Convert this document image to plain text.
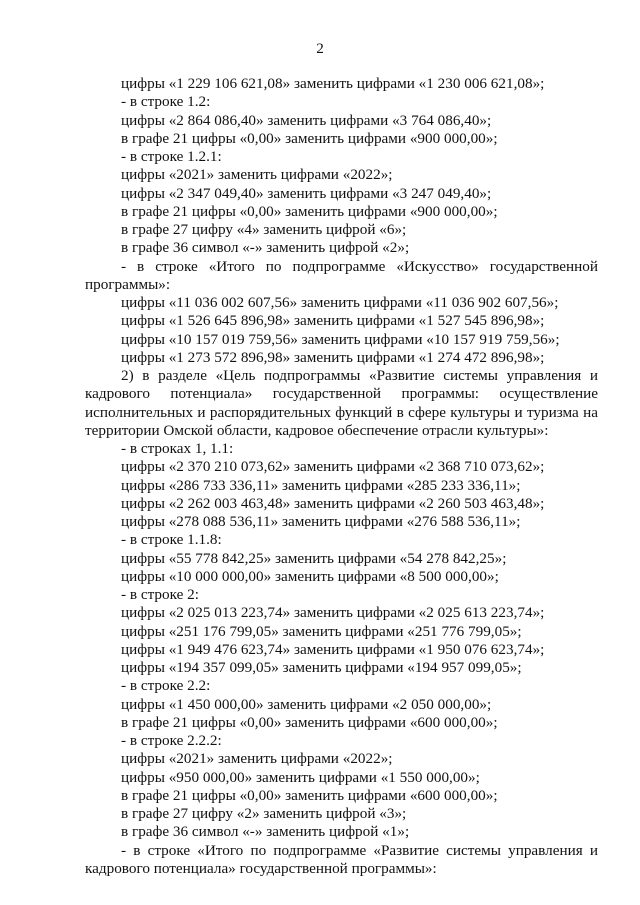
2

цифры «1 229 106 621,08» заменить цифрами «1 230 006 621,08»;

- в строке 1.2:

цифры «2 864 086,40» заменить цифрами «3 764 086,40»;

в графе 21 цифры «0,00» заменить цифрами «900 000,00»;

- в строке 1.2.1:

цифры «2021» заменить цифрами «2022»;

цифры «2 347 049,40» заменить цифрами «3 247 049,40»;

в графе 21 цифры «0,00» заменить цифрами «900 000,00»;

в графе 27 цифру «4» заменить цифрой «6»;

в графе 36 символ «-» заменить цифрой «2»;

- в строке «Итого по подпрограмме «Искусство» государственной программы»:

цифры «11 036 002 607,56» заменить цифрами «11 036 902 607,56»;

цифры «1 526 645 896,98» заменить цифрами «1 527 545 896,98»;

цифры «10 157 019 759,56» заменить цифрами «10 157 919 759,56»;

цифры «1 273 572 896,98» заменить цифрами «1 274 472 896,98»;

2) в разделе «Цель подпрограммы «Развитие системы управления и кадрового потенциала» государственной программы: осуществление исполнительных и распорядительных функций в сфере культуры и туризма на территории Омской области, кадровое обеспечение отрасли культуры»:

- в строках 1, 1.1:

цифры «2 370 210 073,62» заменить цифрами «2 368 710 073,62»;

цифры «286 733 336,11» заменить цифрами «285 233 336,11»;

цифры «2 262 003 463,48» заменить цифрами «2 260 503 463,48»;

цифры «278 088 536,11» заменить цифрами «276 588 536,11»;

- в строке 1.1.8:

цифры «55 778 842,25» заменить цифрами «54 278 842,25»;

цифры «10 000 000,00» заменить цифрами «8 500 000,00»;

- в строке 2:

цифры «2 025 013 223,74» заменить цифрами «2 025 613 223,74»;

цифры «251 176 799,05» заменить цифрами «251 776 799,05»;

цифры «1 949 476 623,74» заменить цифрами «1 950 076 623,74»;

цифры «194 357 099,05» заменить цифрами «194 957 099,05»;

- в строке 2.2:

цифры «1 450 000,00» заменить цифрами «2 050 000,00»;

в графе 21 цифры «0,00» заменить цифрами «600 000,00»;

- в строке 2.2.2:

цифры «2021» заменить цифрами «2022»;

цифры «950 000,00» заменить цифрами «1 550 000,00»;

в графе 21 цифры «0,00» заменить цифрами «600 000,00»;

в графе 27 цифру «2» заменить цифрой «3»;

в графе 36 символ «-» заменить цифрой «1»;

- в строке «Итого по подпрограмме «Развитие системы управления и кадрового потенциала» государственной программы»:
